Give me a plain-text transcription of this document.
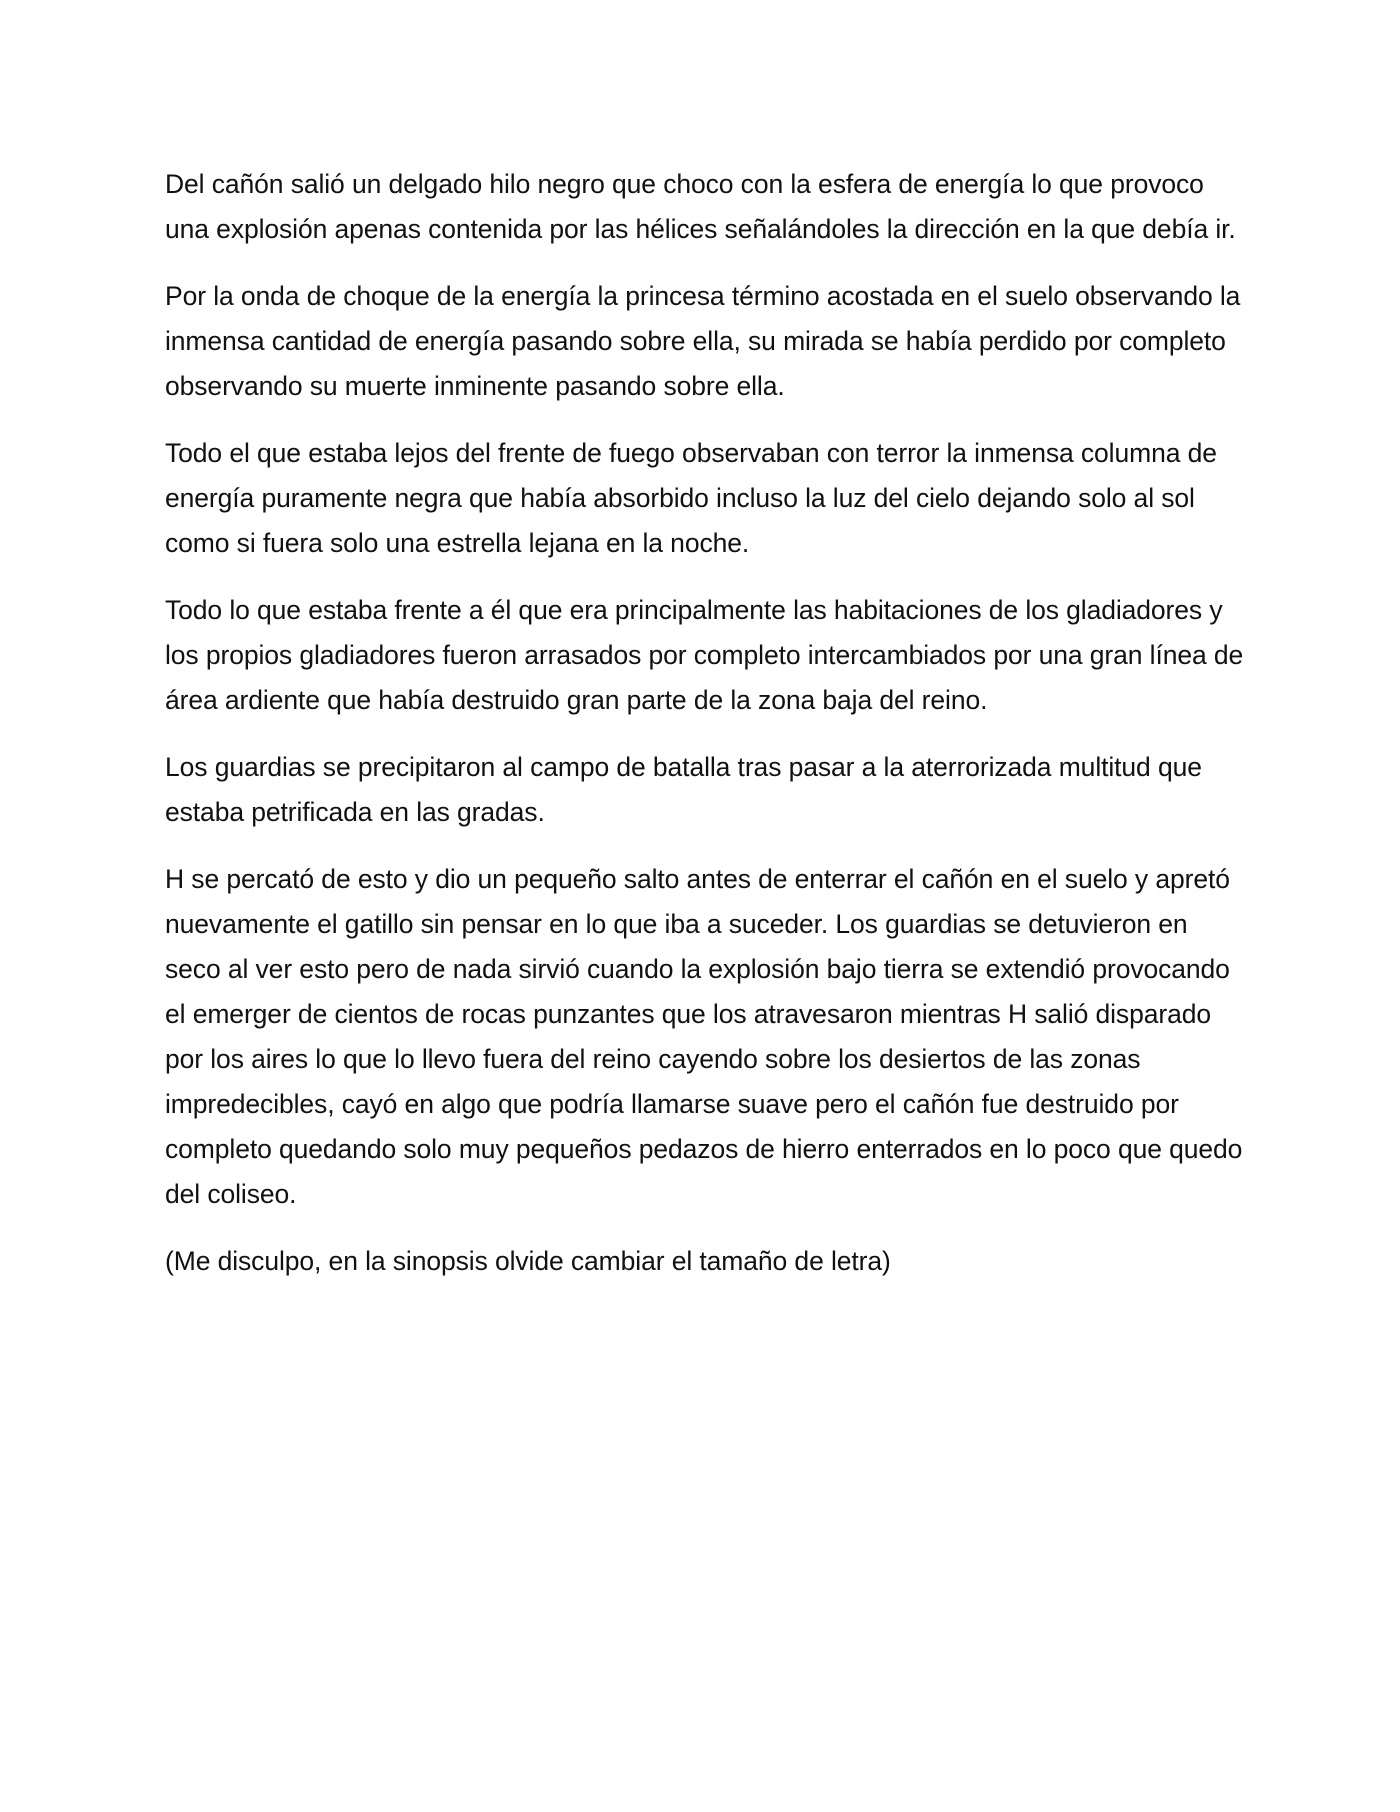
Del cañón salió un delgado hilo negro que choco con la esfera de energía lo que provoco una explosión apenas contenida por las hélices señalándoles la dirección en la que debía ir.

Por la onda de choque de la energía la princesa término acostada en el suelo observando la inmensa cantidad de energía pasando sobre ella, su mirada se había perdido por completo observando su muerte inminente pasando sobre ella.

Todo el que estaba lejos del frente de fuego observaban con terror la inmensa columna de energía puramente negra que había absorbido incluso la luz del cielo dejando solo al sol como si fuera solo una estrella lejana en la noche.

Todo lo que estaba frente a él que era principalmente las habitaciones de los gladiadores y los propios gladiadores fueron arrasados por completo intercambiados por una gran línea de área ardiente que había destruido gran parte de la zona baja del reino.

Los guardias se precipitaron al campo de batalla tras pasar a la aterrorizada multitud que estaba petrificada en las gradas.

H se percató de esto y dio un pequeño salto antes de enterrar el cañón en el suelo y apretó nuevamente el gatillo sin pensar en lo que iba a suceder. Los guardias se detuvieron en seco al ver esto pero de nada sirvió cuando la explosión bajo tierra se extendió provocando el emerger de cientos de rocas punzantes que los atravesaron mientras H salió disparado por los aires lo que lo llevo fuera del reino cayendo sobre los desiertos de las zonas impredecibles, cayó en algo que podría llamarse suave pero el cañón fue destruido por completo quedando solo muy pequeños pedazos de hierro enterrados en lo poco que quedo del coliseo.

(Me disculpo, en la sinopsis olvide cambiar el tamaño de letra)
